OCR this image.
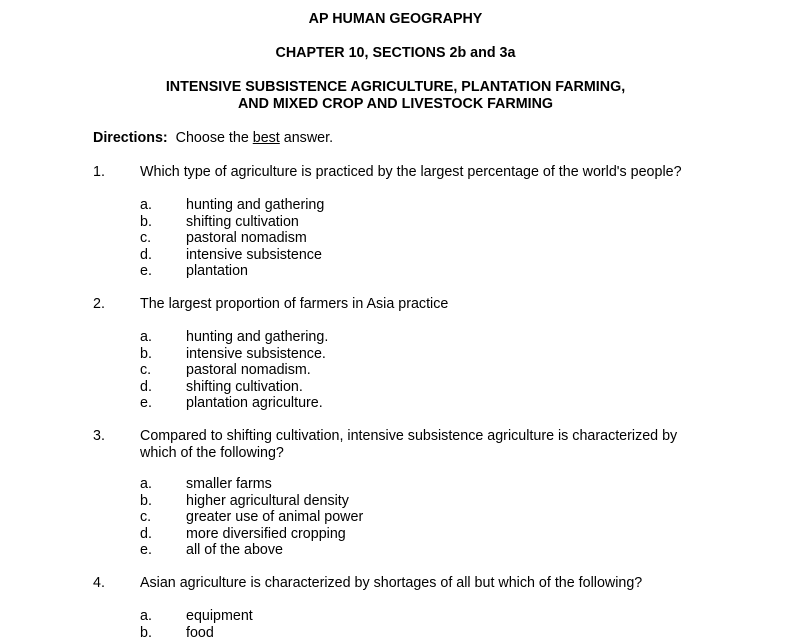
AP HUMAN GEOGRAPHY
CHAPTER 10, SECTIONS 2b and 3a
INTENSIVE SUBSISTENCE AGRICULTURE, PLANTATION FARMING,
AND MIXED CROP AND LIVESTOCK FARMING
Directions: Choose the best answer.
1. Which type of agriculture is practiced by the largest percentage of the world's people?
a. hunting and gathering
b. shifting cultivation
c. pastoral nomadism
d. intensive subsistence
e. plantation
2. The largest proportion of farmers in Asia practice
a. hunting and gathering.
b. intensive subsistence.
c. pastoral nomadism.
d. shifting cultivation.
e. plantation agriculture.
3. Compared to shifting cultivation, intensive subsistence agriculture is characterized by which of the following?
a. smaller farms
b. higher agricultural density
c. greater use of animal power
d. more diversified cropping
e. all of the above
4. Asian agriculture is characterized by shortages of all but which of the following?
a. equipment
b. food
